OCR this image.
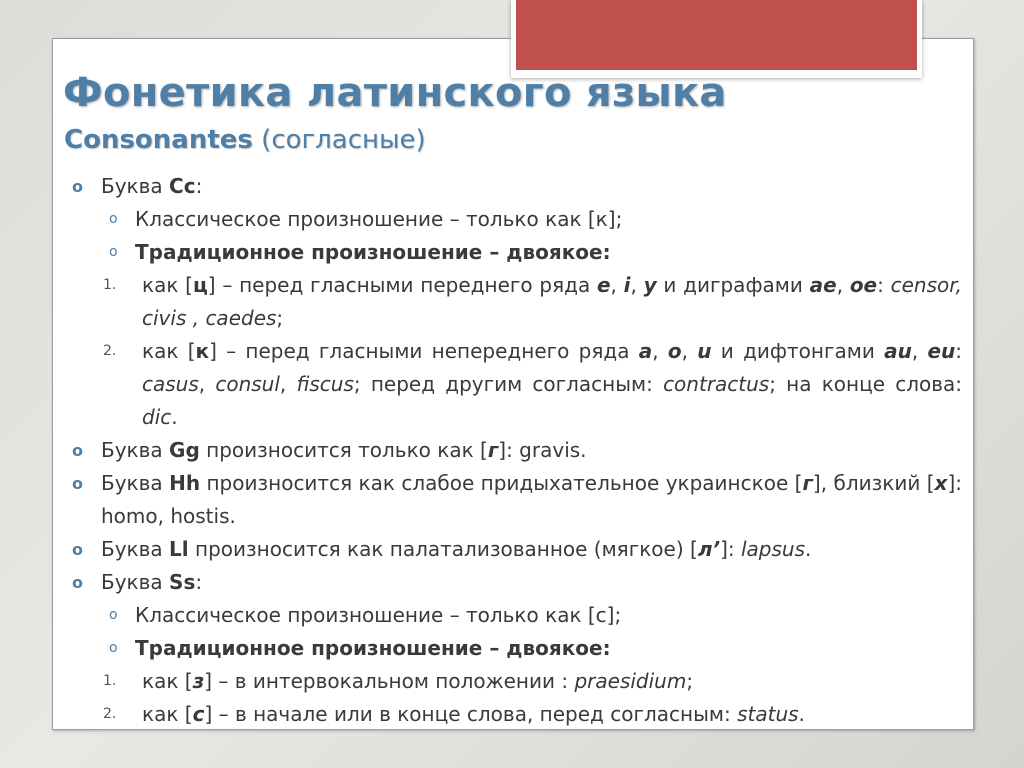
Фонетика латинского языка
Consonantes (согласные)

o Буква Сс:

o Классическое произношение – только как [к];

o Традиционное произношение – двоякое:

1. как [ц] – перед гласными переднего ряда е, i, у и диграфами ae, oe: censor, civis , caedes;

2. как [к] – перед гласными непереднего ряда а, о, u и дифтонгами au, eu: casus, consul, fiscus; перед другим согласным: contractus; на конце слова: dic.

o Буква Gg произносится только как [г]: gravis.

o Буква Hh произносится как слабое придыхательное украинское [г], близкий [х]: homo, hostis.

o Буква Ll произносится как палатализованное (мягкое) [л’]: lapsus.

o Буква Ss:

o Классическое произношение – только как [с];

o Традиционное произношение – двоякое:

1. как [з] – в интервокальном положении : praesidium;

2. как [с] – в начале или в конце слова, перед согласным: status.
